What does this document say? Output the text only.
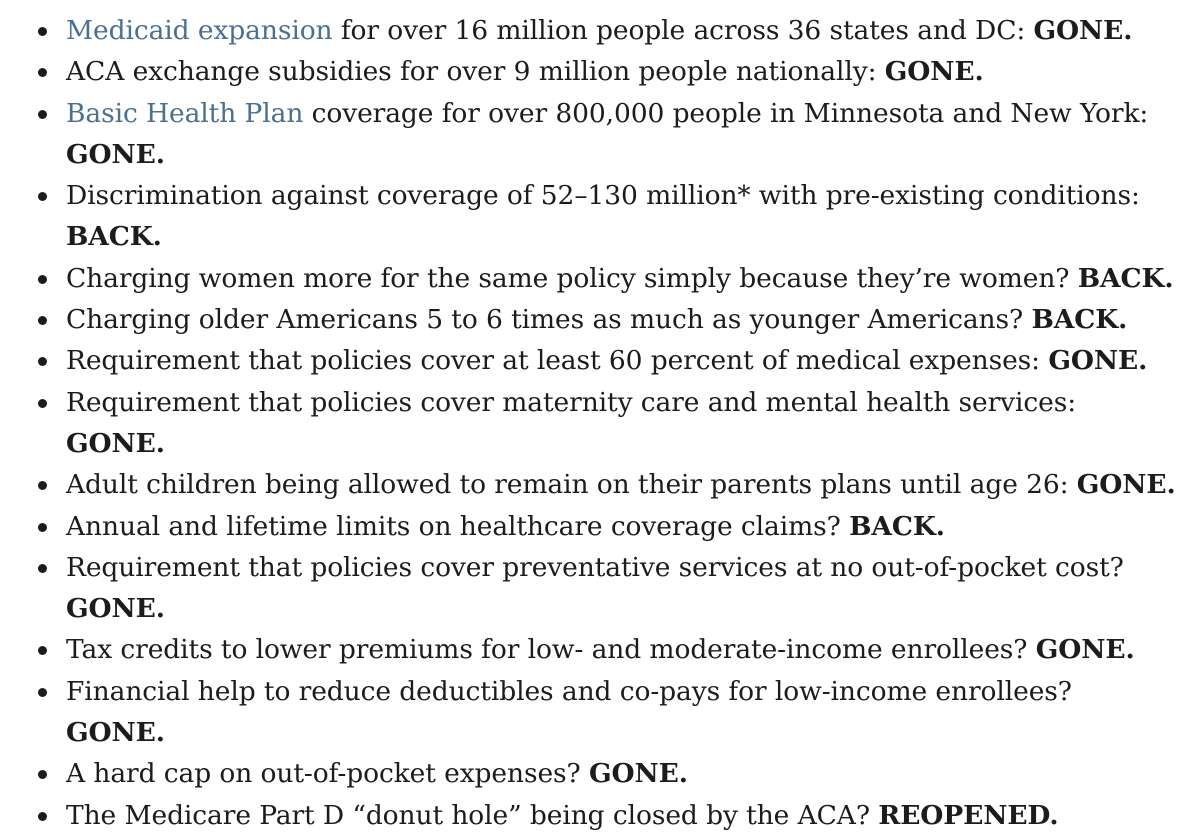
Medicaid expansion for over 16 million people across 36 states and DC: GONE.
ACA exchange subsidies for over 9 million people nationally: GONE.
Basic Health Plan coverage for over 800,000 people in Minnesota and New York: GONE.
Discrimination against coverage of 52–130 million* with pre-existing conditions: BACK.
Charging women more for the same policy simply because they’re women? BACK.
Charging older Americans 5 to 6 times as much as younger Americans? BACK.
Requirement that policies cover at least 60 percent of medical expenses: GONE.
Requirement that policies cover maternity care and mental health services: GONE.
Adult children being allowed to remain on their parents plans until age 26: GONE.
Annual and lifetime limits on healthcare coverage claims? BACK.
Requirement that policies cover preventative services at no out-of-pocket cost? GONE.
Tax credits to lower premiums for low- and moderate-income enrollees? GONE.
Financial help to reduce deductibles and co-pays for low-income enrollees? GONE.
A hard cap on out-of-pocket expenses? GONE.
The Medicare Part D “donut hole” being closed by the ACA? REOPENED.
